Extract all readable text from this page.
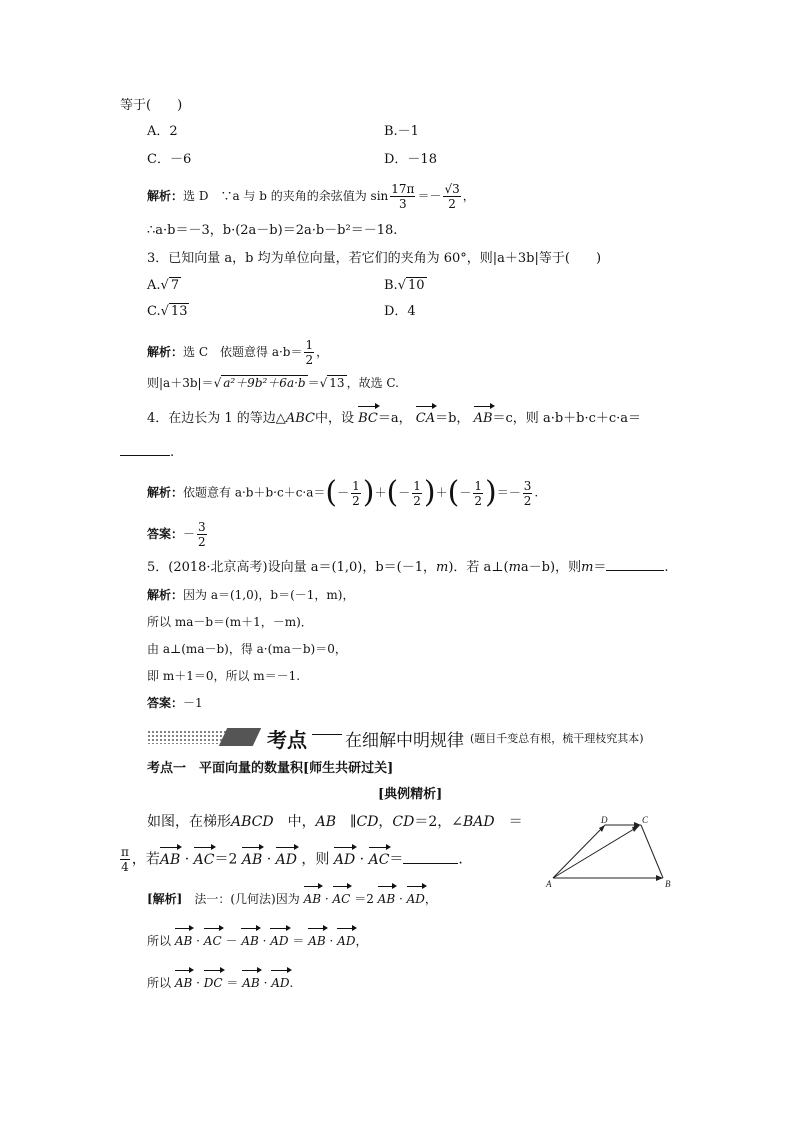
等于(　　)
A．2	B.－1
C．－6	D．－18
解析：选 D　∵a 与 b 的夹角的余弦值为 $\sin \frac{17\pi}{3} =- \frac{√3}{2}$ ，
∴a·b＝－3，b·(2a－b)＝2a·b－b²＝－18.
3．已知向量 a，b 均为单位向量，若它们的夹角为 60°，则|a＋3b|等于(　　)
A.√ 7	B.√ 10
C.√ 13	D．4
解析：选 C　依题意得 $a\cdot b= \frac{1}{2}$ ，
则|a＋3b|＝√ a²＋9b²＋6a·b ＝√ 13 ，故选 C.
4．在边长为 1 的等边△ABC中，设 BC＝a， CA＝b， AB＝c，则 a·b＋b·c＋c·a＝
.
解析：依题意有 $a\cdot b+b\cdot c+c\cdot a=(- \frac{1}{2}$ )＋(－ $\frac{1}{2}$ )＋(－ $\frac{1}{2}$ )＝－ $\frac{3}{2}$ .
答案：－ $\frac{3}{2}$
5．(2018·北京高考)设向量 a＝(1,0)，b＝(－1，m)．若 a⊥(ma－b)，则m＝	.
解析：因为 a＝(1,0)，b＝(－1，m)，
所以 ma－b＝(m＋1，－m)．
由 a⊥(ma－b)，得 a·(ma－b)＝0，
即 m＋1＝0，所以 m＝－1.
答案：－1
考点 在细解中明规律 (题目千变总有根，梳干理枝究其本)
考点一　平面向量的数量积[师生共研过关]
[典例精析]
如图，在梯形ABCD　 中，AB　 ∥CD，CD＝2，∠BAD　 ＝
$\frac{\pi}{4}$ ，若AB · AC＝2 AB · AD ，则 AD · AC＝	.
A	B
C
D
[解析]　 法一：(几何法)因为 AB · AC ＝2 AB · AD，
所以 AB · AC － AB · AD ＝ AB · AD，
所以 AB · DC ＝ AB · AD.
